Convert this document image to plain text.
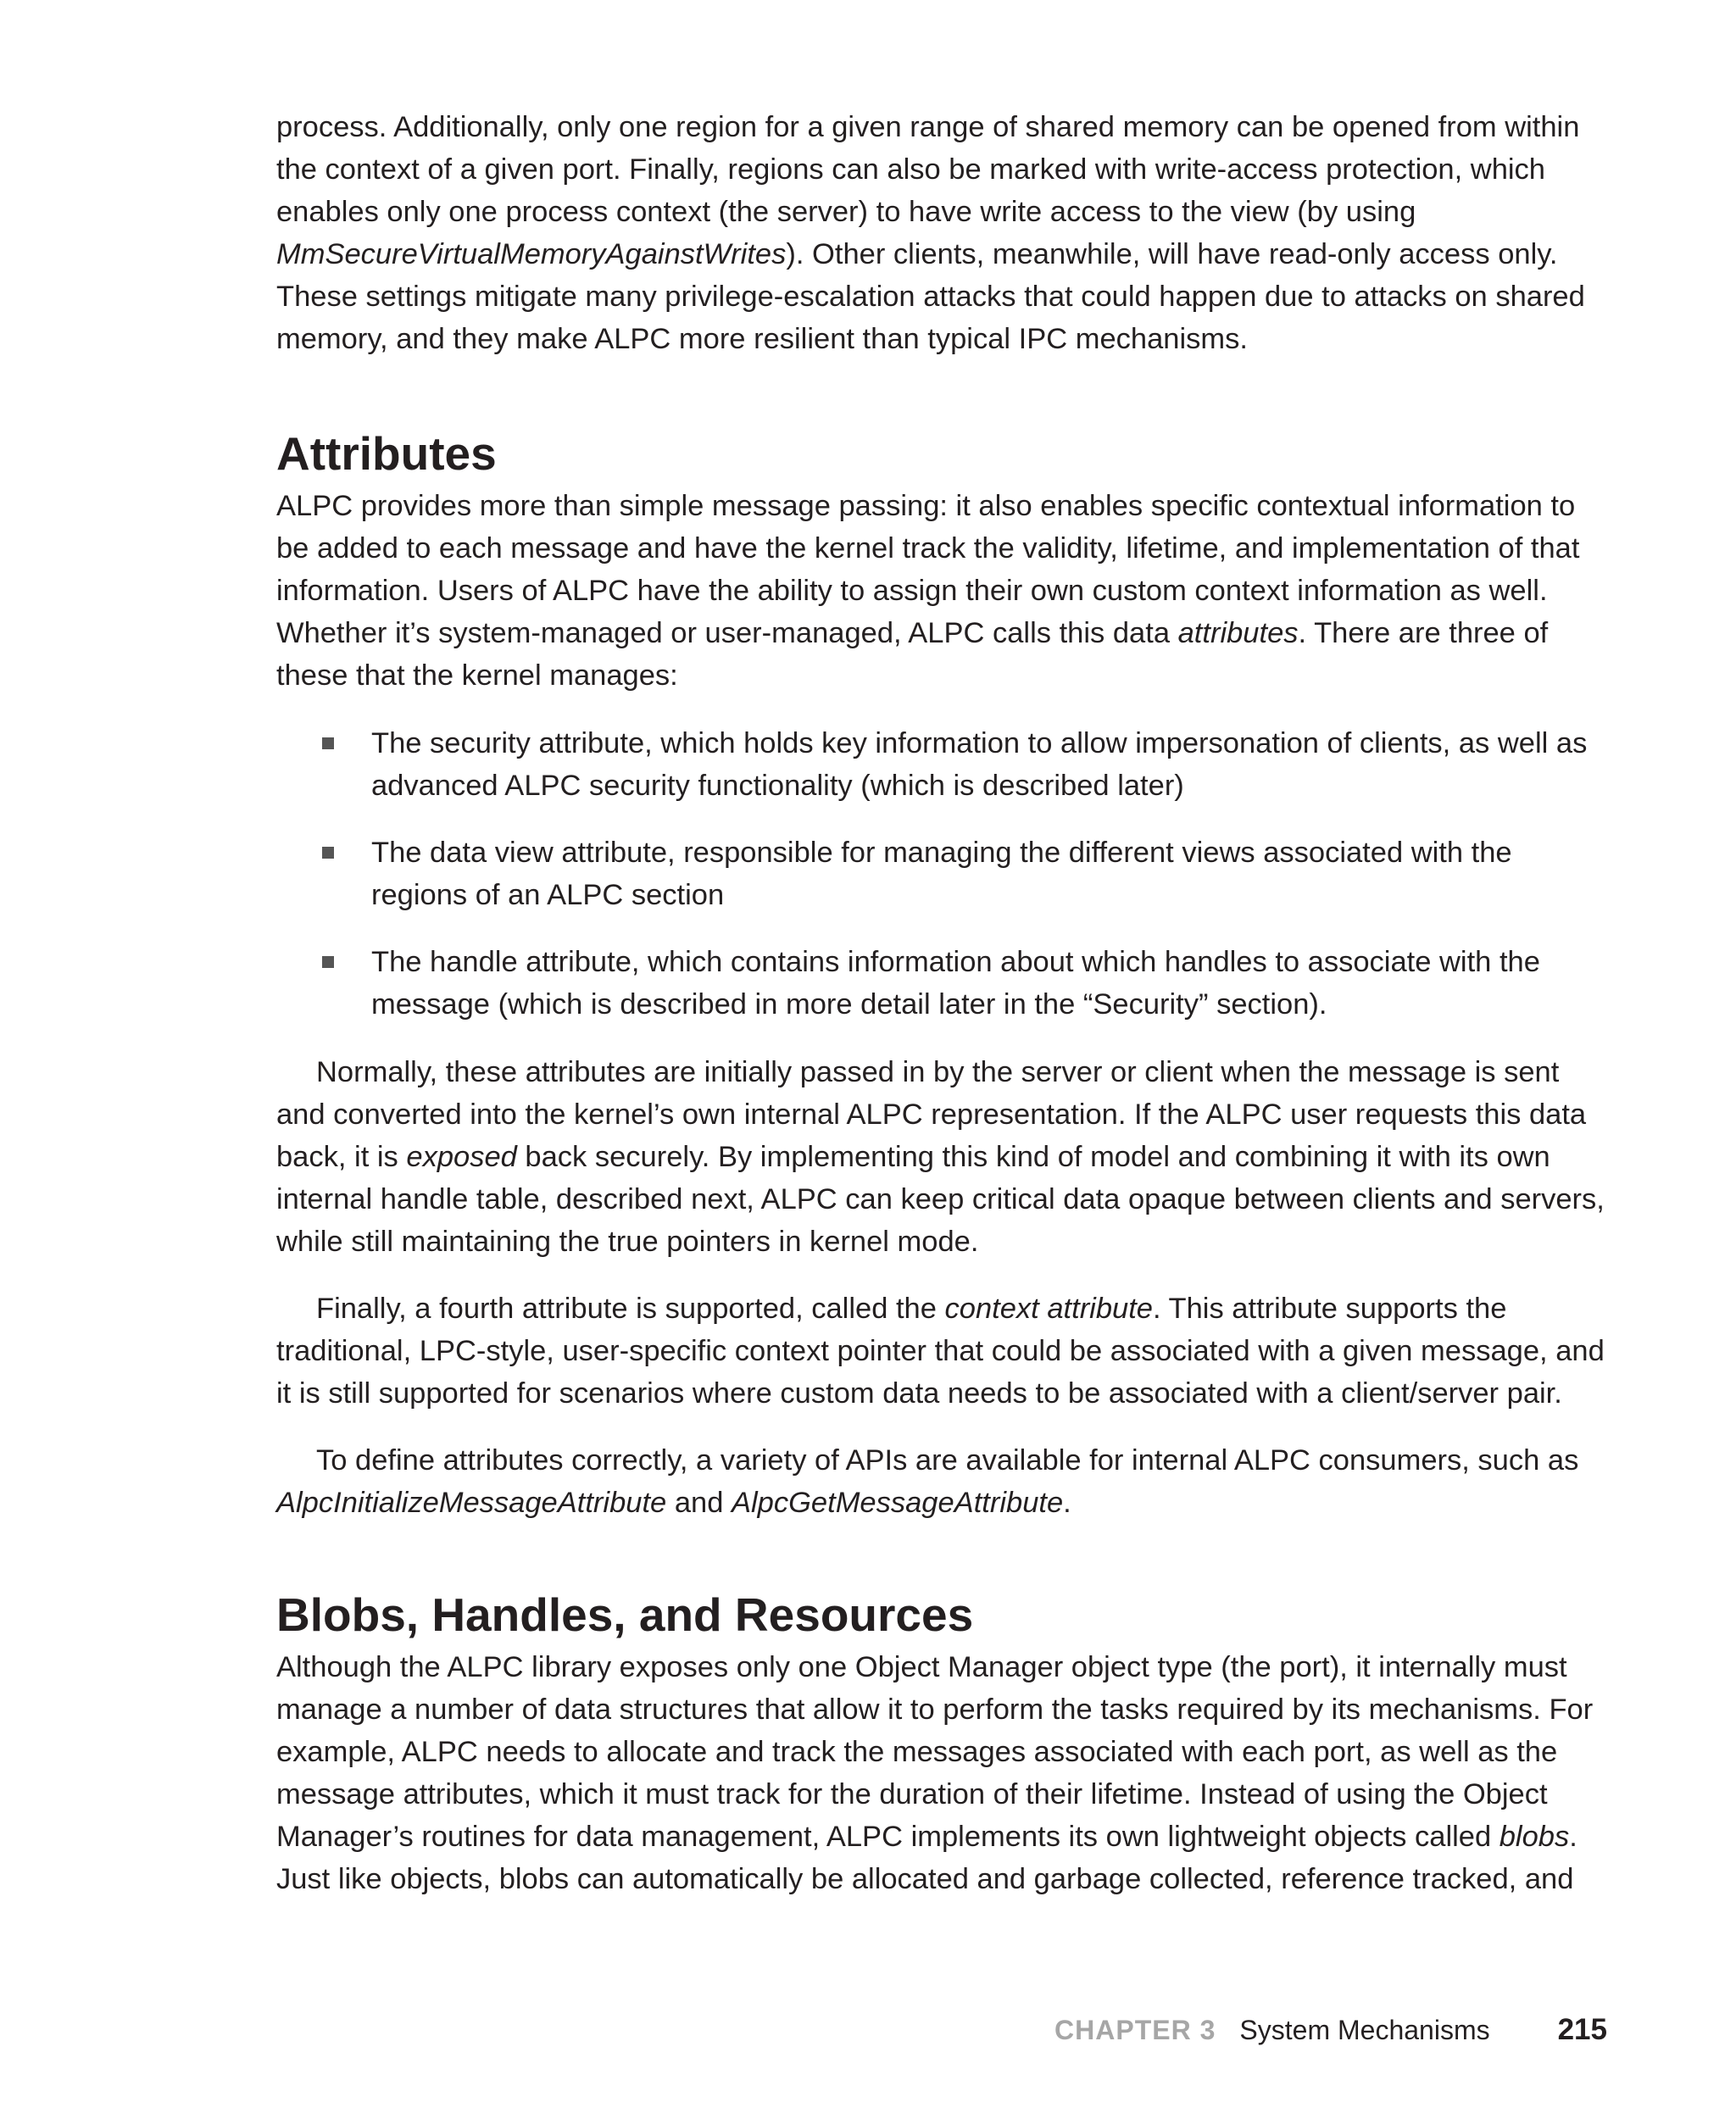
process. Additionally, only one region for a given range of shared memory can be opened from within the context of a given port. Finally, regions can also be marked with write-access protection, which enables only one process context (the server) to have write access to the view (by using MmSecureVirtualMemoryAgainstWrites). Other clients, meanwhile, will have read-only access only. These settings mitigate many privilege-escalation attacks that could happen due to attacks on shared memory, and they make ALPC more resilient than typical IPC mechanisms.

Attributes

ALPC provides more than simple message passing: it also enables specific contextual information to be added to each message and have the kernel track the validity, lifetime, and implementation of that information. Users of ALPC have the ability to assign their own custom context information as well. Whether it’s system-managed or user-managed, ALPC calls this data attributes. There are three of these that the kernel manages:

The security attribute, which holds key information to allow impersonation of clients, as well as advanced ALPC security functionality (which is described later)
The data view attribute, responsible for managing the different views associated with the regions of an ALPC section
The handle attribute, which contains information about which handles to associate with the message (which is described in more detail later in the “Security” section).

Normally, these attributes are initially passed in by the server or client when the message is sent and converted into the kernel’s own internal ALPC representation. If the ALPC user requests this data back, it is exposed back securely. By implementing this kind of model and combining it with its own internal handle table, described next, ALPC can keep critical data opaque between clients and servers, while still maintaining the true pointers in kernel mode.

Finally, a fourth attribute is supported, called the context attribute. This attribute supports the traditional, LPC-style, user-specific context pointer that could be associated with a given message, and it is still supported for scenarios where custom data needs to be associated with a client/server pair.

To define attributes correctly, a variety of APIs are available for internal ALPC consumers, such as AlpcInitializeMessageAttribute and AlpcGetMessageAttribute.

Blobs, Handles, and Resources

Although the ALPC library exposes only one Object Manager object type (the port), it internally must manage a number of data structures that allow it to perform the tasks required by its mechanisms. For example, ALPC needs to allocate and track the messages associated with each port, as well as the message attributes, which it must track for the duration of their lifetime. Instead of using the Object Manager’s routines for data management, ALPC implements its own lightweight objects called blobs. Just like objects, blobs can automatically be allocated and garbage collected, reference tracked, and

CHAPTER 3 System Mechanisms 215
